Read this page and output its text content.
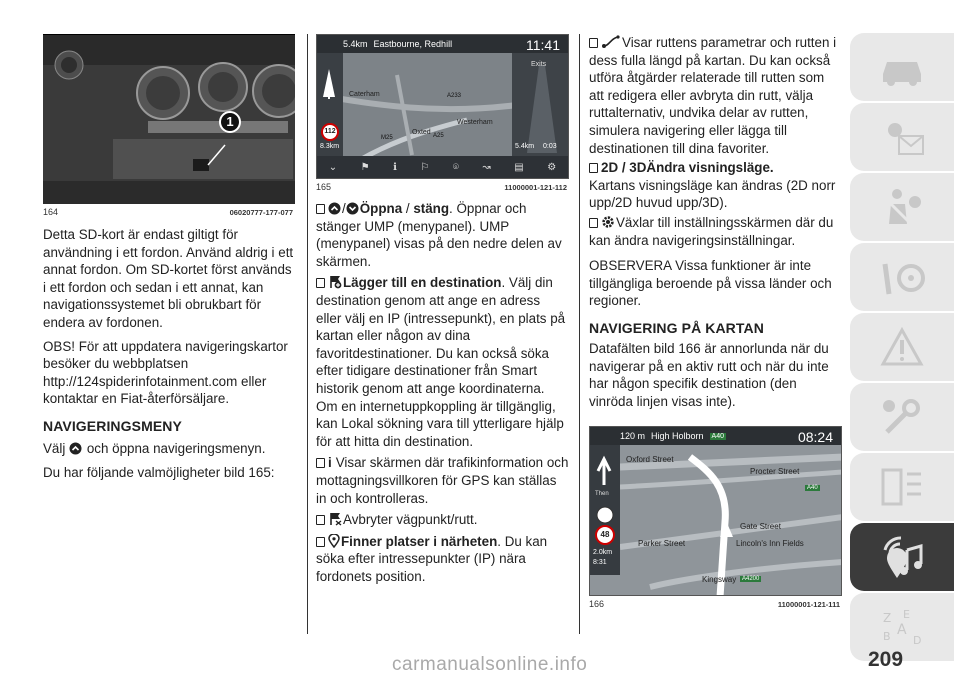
1
164	06020777-177-077

Detta SD-kort är endast giltigt för användning i ett fordon. Använd aldrig i ett annat fordon. Om SD-kortet först används i ett fordon och sedan i ett annat, kan navigationssystemet bli obrukbart för endera av fordonen.

OBS! För att uppdatera navigeringskartor besöker du webbplatsen http://124spiderinfotainment.com eller kontaktar en Fiat-återförsäljare.

NAVIGERINGSMENY

Välj och öppna navigeringsmenyn.

Du har följande valmöjligheter bild 165:

5.4km Eastbourne, Redhill	11:41
Exits
Caterham
Oxted
Westerham
A233
A25
M25
112
8.3km	5.4km 0:03
⌄ ⚑ ℹ ⚐ ⌾ ↝ ▤ ⚙
165	11000001-121-112

/ Öppna / stäng. Öppnar och stänger UMP (menypanel). UMP (menypanel) visas på den nedre delen av skärmen.

Lägger till en destination. Välj din destination genom att ange en adress eller välj en IP (intressepunkt), en plats på kartan eller någon av dina favoritdestinationer. Du kan också söka efter tidigare destinationer från Smart historik genom att ange koordinaterna. Om en internetuppkoppling är tillgänglig, kan Lokal sökning vara till ytterligare hjälp för att hitta din destination.

i Visar skärmen där trafikinformation och mottagningsvillkoren för GPS kan ställas in och kontrolleras.

Avbryter vägpunkt/rutt.

Finner platser i närheten. Du kan söka efter intressepunkter (IP) nära fordonets position.

Visar ruttens parametrar och rutten i dess fulla längd på kartan. Du kan också utföra åtgärder relaterade till rutten som att redigera eller avbryta din rutt, välja ruttalternativ, undvika delar av rutten, simulera navigering eller lägga till destinationen till dina favoriter.

2D / 3DÄndra visningsläge.
Kartans visningsläge kan ändras (2D norr upp/2D huvud upp/3D).

Växlar till inställningsskärmen där du kan ändra navigeringsinställningar.

OBSERVERA Vissa funktioner är inte tillgängliga beroende på vissa länder och regioner.

NAVIGERING PÅ KARTAN

Datafälten bild 166 är annorlunda när du navigerar på en aktiv rutt och när du inte har någon specifik destination (den vinröda linjen visas inte).

120 m High Holborn A40	08:24
Then
48
2.0km
8:31
Oxford Street
Procter Street
A40
Gate Street
Parker Street	Lincoln's Inn Fields
Kingsway A4200
166	11000001-121-111
Z E
A
B D
209
carmanualsonline.info
